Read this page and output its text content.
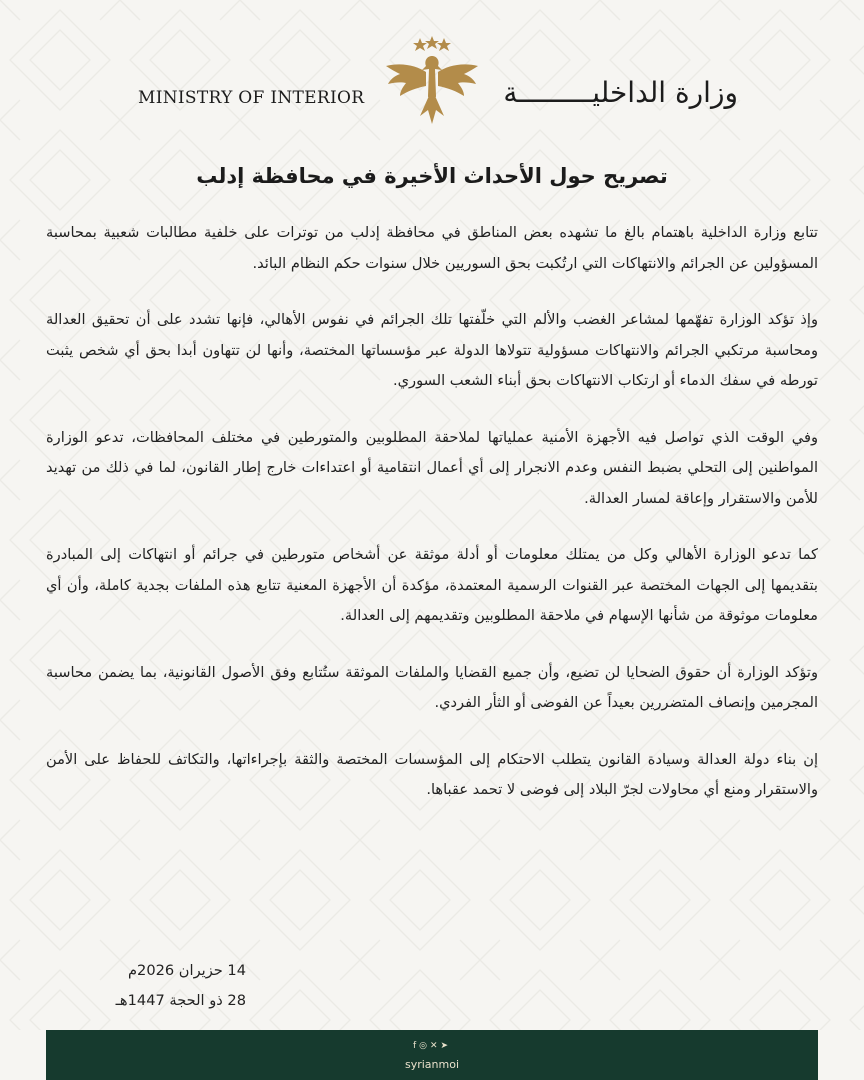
MINISTRY OF INTERIOR	وزارة الداخليـــــــــة
تصريح حول الأحداث الأخيرة في محافظة إدلب

تتابع وزارة الداخلية باهتمام بالغ ما تشهده بعض المناطق في محافظة إدلب من توترات على خلفية مطالبات شعبية بمحاسبة المسؤولين عن الجرائم والانتهاكات التي ارتُكبت بحق السوريين خلال سنوات حكم النظام البائد.

وإذ تؤكد الوزارة تفهّمها لمشاعر الغضب والألم التي خلّفتها تلك الجرائم في نفوس الأهالي، فإنها تشدد على أن تحقيق العدالة ومحاسبة مرتكبي الجرائم والانتهاكات مسؤولية تتولاها الدولة عبر مؤسساتها المختصة، وأنها لن تتهاون أبدا بحق أي شخص يثبت تورطه في سفك الدماء أو ارتكاب الانتهاكات بحق أبناء الشعب السوري.

وفي الوقت الذي تواصل فيه الأجهزة الأمنية عملياتها لملاحقة المطلوبين والمتورطين في مختلف المحافظات، تدعو الوزارة المواطنين إلى التحلي بضبط النفس وعدم الانجرار إلى أي أعمال انتقامية أو اعتداءات خارج إطار القانون، لما في ذلك من تهديد للأمن والاستقرار وإعاقة لمسار العدالة.

كما تدعو الوزارة الأهالي وكل من يمتلك معلومات أو أدلة موثقة عن أشخاص متورطين في جرائم أو انتهاكات إلى المبادرة بتقديمها إلى الجهات المختصة عبر القنوات الرسمية المعتمدة، مؤكدة أن الأجهزة المعنية تتابع هذه الملفات بجدية كاملة، وأن أي معلومات موثوقة من شأنها الإسهام في ملاحقة المطلوبين وتقديمهم إلى العدالة.

وتؤكد الوزارة أن حقوق الضحايا لن تضيع، وأن جميع القضايا والملفات الموثقة ستُتابع وفق الأصول القانونية، بما يضمن محاسبة المجرمين وإنصاف المتضررين بعيداً عن الفوضى أو الثأر الفردي.

إن بناء دولة العدالة وسيادة القانون يتطلب الاحتكام إلى المؤسسات المختصة والثقة بإجراءاتها، والتكاتف للحفاظ على الأمن والاستقرار ومنع أي محاولات لجرّ البلاد إلى فوضى لا تحمد عقباها.

14 حزيران 2026م
28 ذو الحجة 1447هـ
f◎✕➤
syrianmoi
